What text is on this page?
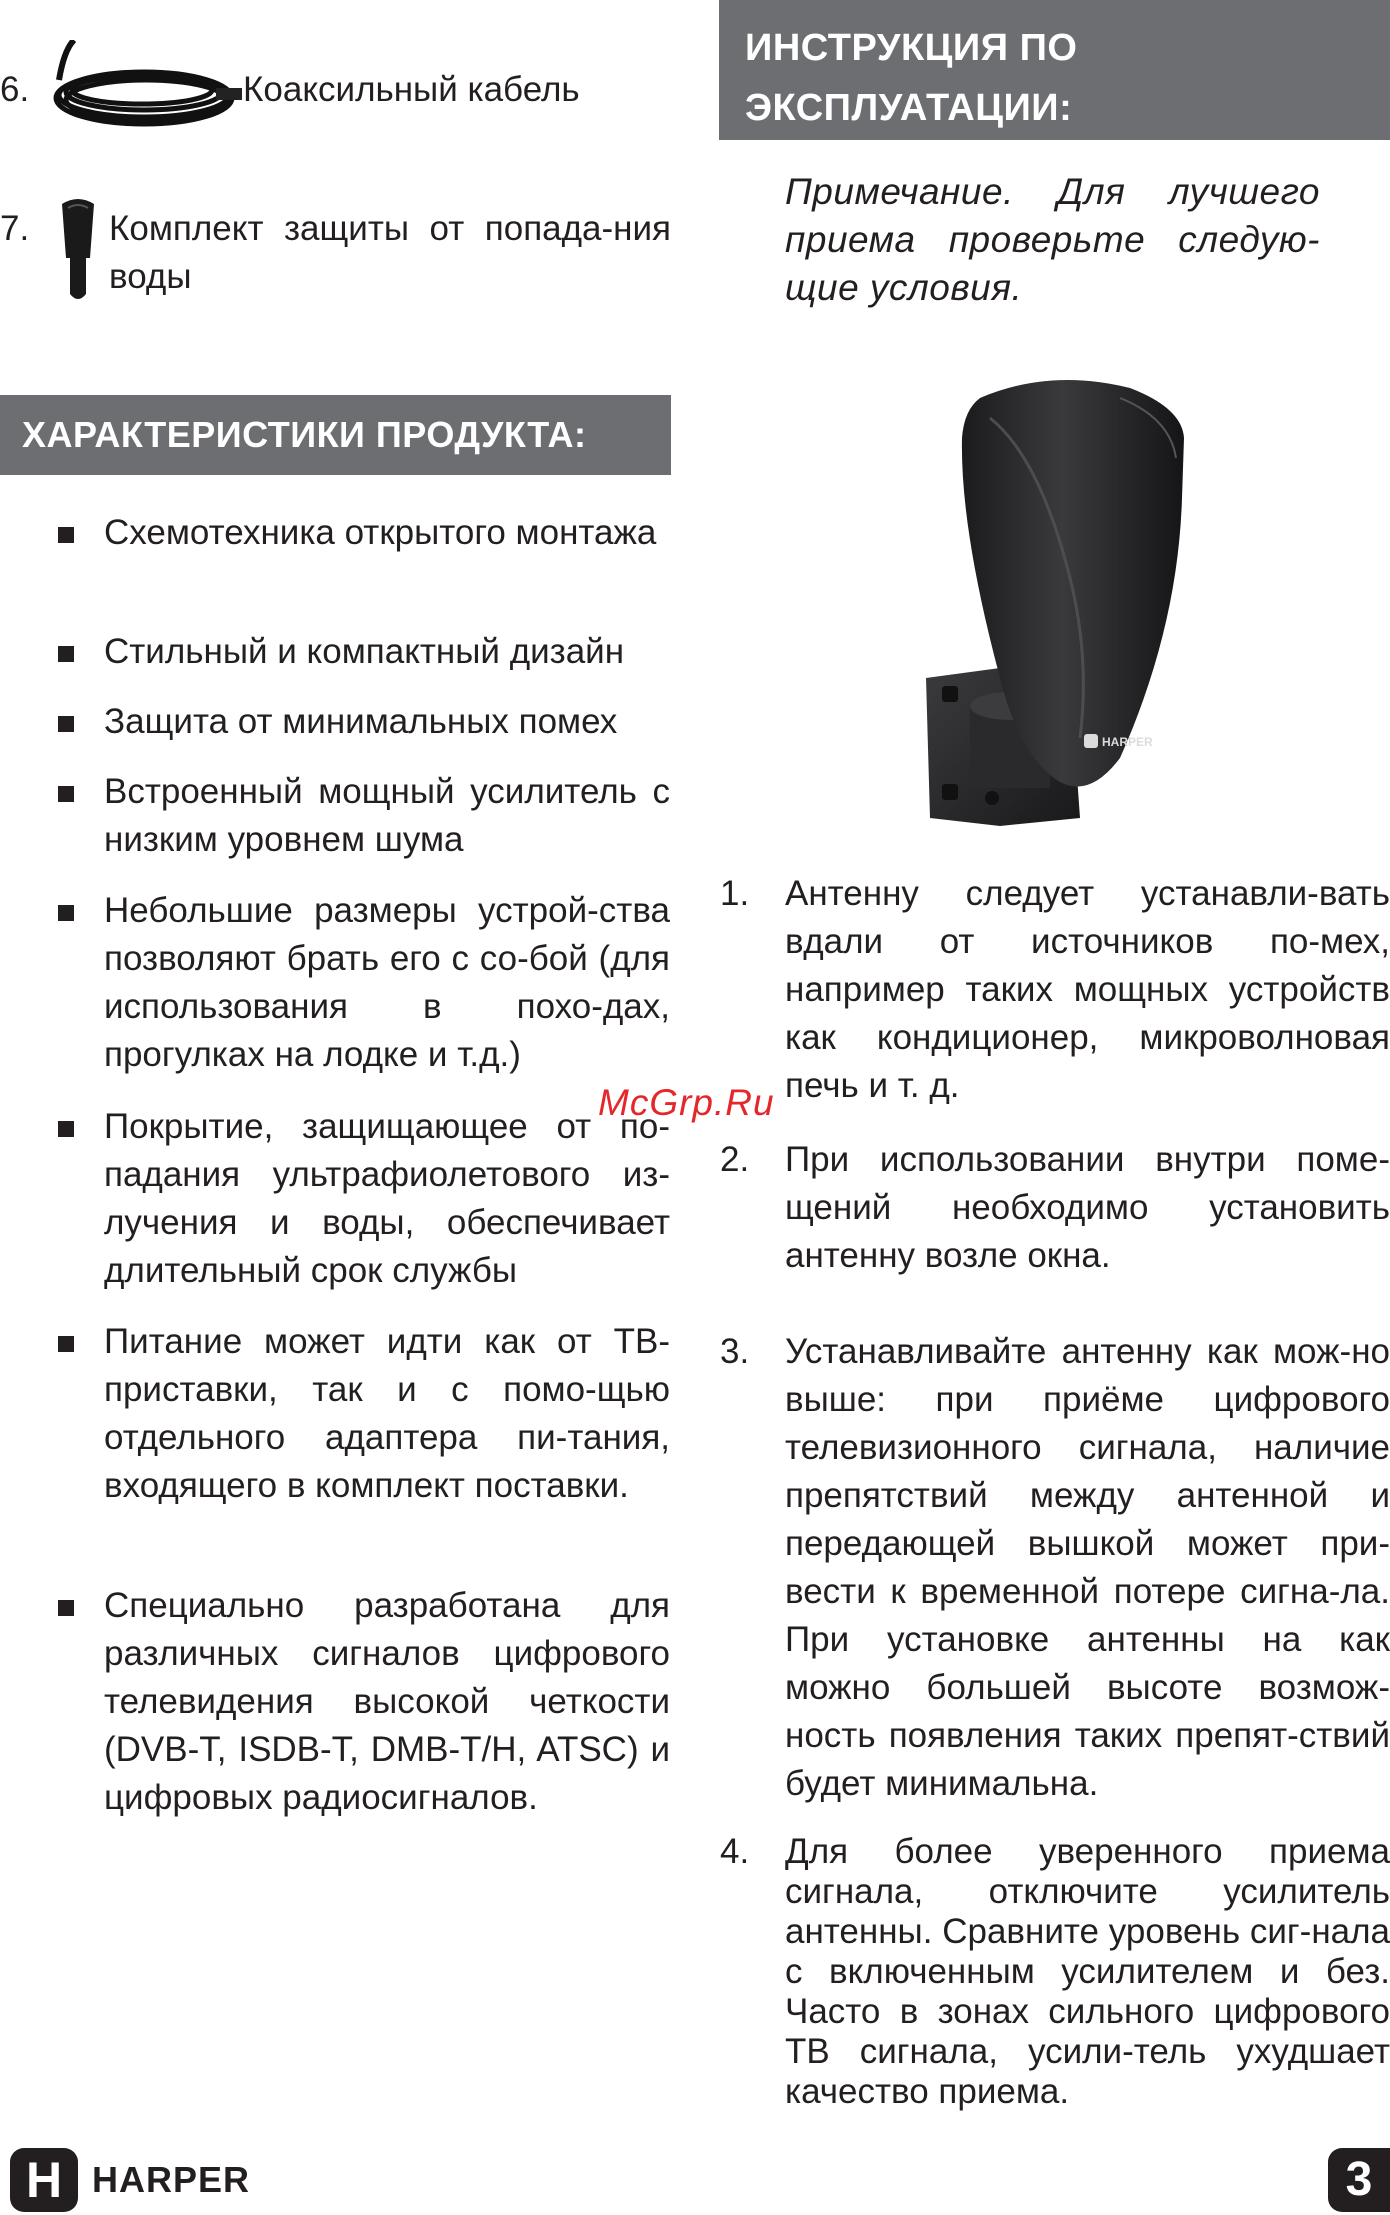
6.	Коаксильный кабель
7. Комплект защиты от попада-ния воды
ХАРАКТЕРИСТИКИ ПРОДУКТА:
Схемотехника открытого монтажа
Стильный и компактный дизайн
Защита от минимальных помех
Встроенный мощный усилитель с низким уровнем шума
Небольшие размеры устрой-ства позволяют брать его с со-бой (для использования в похо-дах, прогулках на лодке и т.д.)
Покрытие, защищающее от по-падания ультрафиолетового из-лучения и воды, обеспечивает длительный срок службы
Питание может идти как от ТВ-приставки, так и с помо-щью отдельного адаптера пи-тания, входящего в комплект поставки.
Специально разработана для различных сигналов цифрового телевидения высокой четкости (DVB-T, ISDB-T, DMB-T/H, ATSC) и цифровых радиосигналов.
ИНСТРУКЦИЯ ПО
ЭКСПЛУАТАЦИИ:
Примечание. Для лучшего приема проверьте следую-щие условия.
HARPER
1. Антенну следует устанавли-вать вдали от источников по-мех, например таких мощных устройств как кондиционер, микроволновая печь и т. д.
2. При использовании внутри поме-щений необходимо установить антенну возле окна.
3. Устанавливайте антенну как мож-но выше: при приёме цифрового телевизионного сигнала, наличие препятствий между антенной и передающей вышкой может при-вести к временной потере сигна-ла. При установке антенны на как можно большей высоте возмож-ность появления таких препят-ствий будет минимальна.
4. Для более уверенного приема сигнала, отключите усилитель антенны. Сравните уровень сиг-нала с включенным усилителем и без. Часто в зонах сильного цифрового ТВ сигнала, усили-тель ухудшает качество приема.
McGrp.Ru
H HARPER	3
